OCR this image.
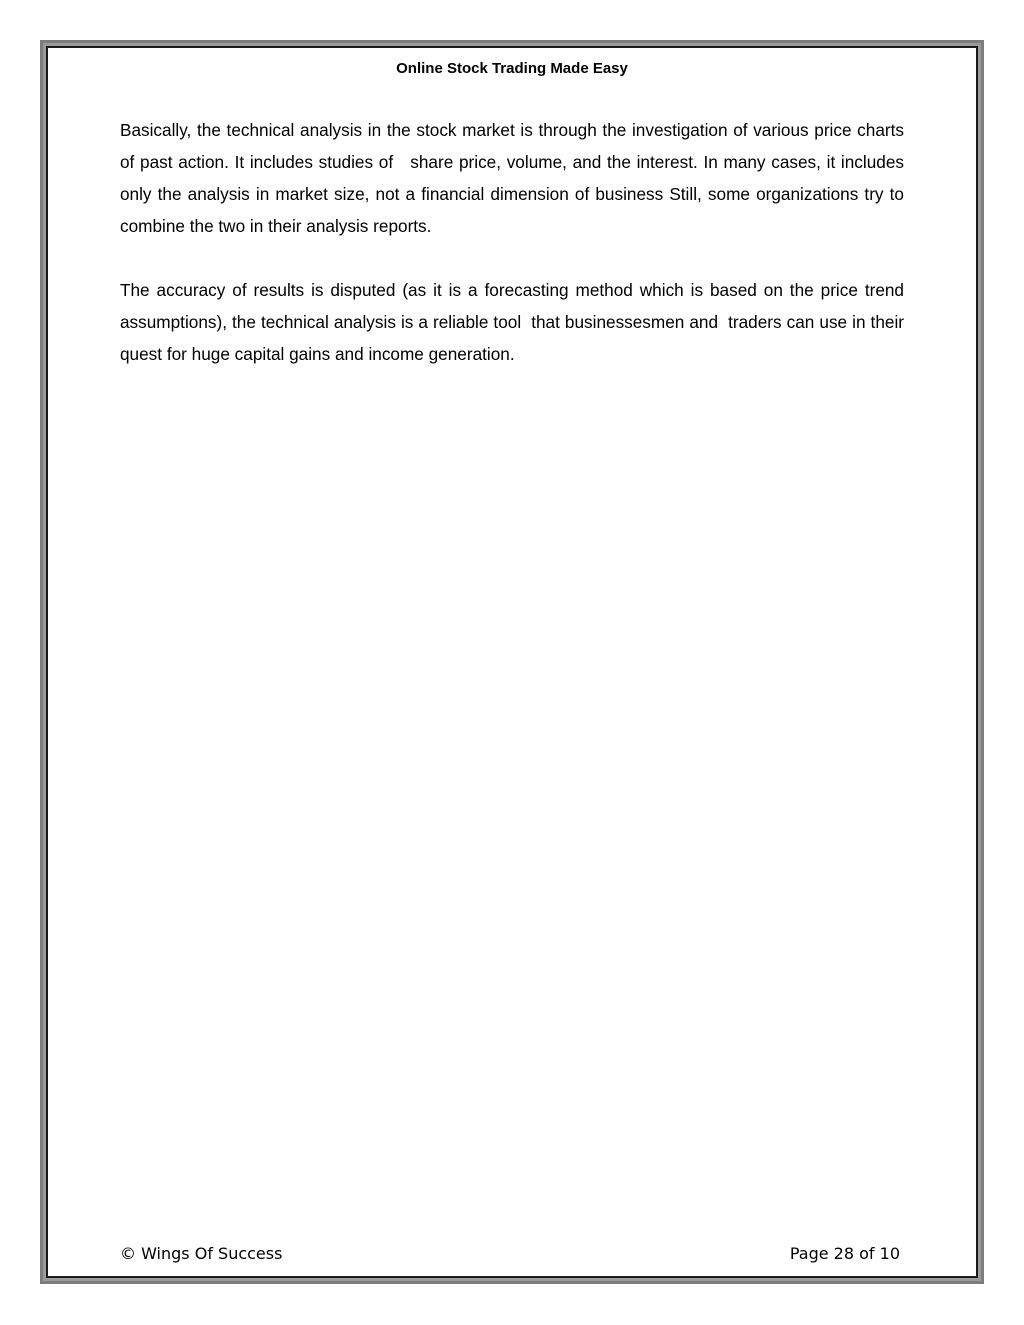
Online Stock Trading Made Easy

Basically, the technical analysis in the stock market is through the investigation of various price charts of past action. It includes studies of   share price, volume, and the interest. In many cases, it includes only the analysis in market size, not a financial dimension of business Still, some organizations try to combine the two in their analysis reports.

The accuracy of results is disputed (as it is a forecasting method which is based on the price trend assumptions), the technical analysis is a reliable tool  that businessesmen and  traders can use in their quest for huge capital gains and income generation.

© Wings Of Success	Page 28 of 10
